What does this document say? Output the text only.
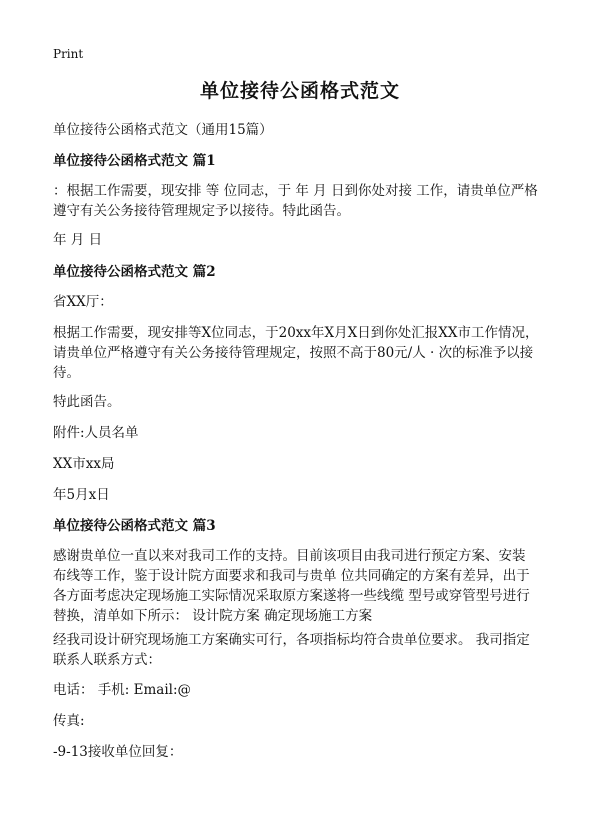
Print
单位接待公函格式范文
单位接待公函格式范文（通用15篇）
单位接待公函格式范文 篇1
：根据工作需要，现安排 等 位同志，于 年 月 日到你处对接 工作，请贵单位严格
遵守有关公务接待管理规定予以接待。特此函告。
年 月 日
单位接待公函格式范文 篇2
省XX厅：
根据工作需要，现安排等X位同志，于20xx年X月X日到你处汇报XX市工作情况，
请贵单位严格遵守有关公务接待管理规定，按照不高于80元/人 · 次的标准予以接
待。
特此函告。
附件:人员名单
XX市xx局
年5月x日
单位接待公函格式范文 篇3
感谢贵单位一直以来对我司工作的支持。目前该项目由我司进行预定方案、安装
布线等工作，鉴于设计院方面要求和我司与贵单 位共同确定的方案有差异，出于
各方面考虑决定现场施工实际情况采取原方案遂将一些线缆 型号或穿管型号进行
替换，清单如下所示： 设计院方案 确定现场施工方案
经我司设计研究现场施工方案确实可行，各项指标均符合贵单位要求。 我司指定
联系人联系方式：
电话： 手机: Email:@
传真:
-9-13接收单位回复：
